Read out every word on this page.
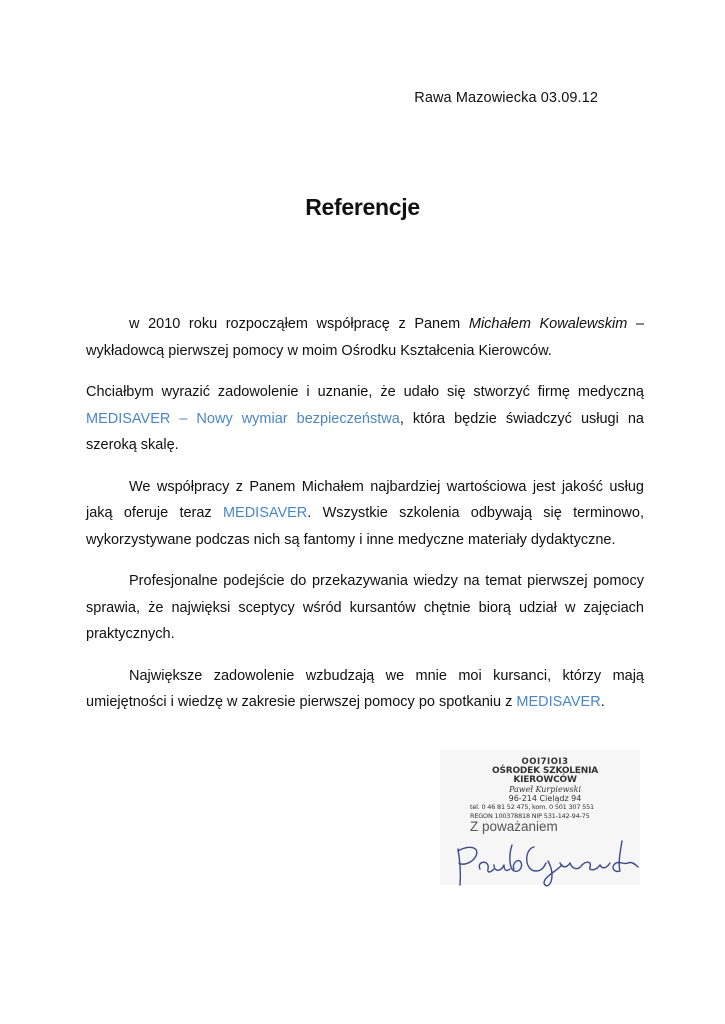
Rawa Mazowiecka 03.09.12
Referencje

w 2010 roku rozpocząłem współpracę z Panem Michałem Kowalewskim – wykładowcą pierwszej pomocy w moim Ośrodku Kształcenia Kierowców.

Chciałbym wyrazić zadowolenie i uznanie, że udało się stworzyć firmę medyczną MEDISAVER – Nowy wymiar bezpieczeństwa, która będzie świadczyć usługi na szeroką skalę.

We współpracy z Panem Michałem najbardziej wartościowa jest jakość usług jaką oferuje teraz MEDISAVER. Wszystkie szkolenia odbywają się terminowo, wykorzystywane podczas nich są fantomy i inne medyczne materiały dydaktyczne.

Profesjonalne podejście do przekazywania wiedzy na temat pierwszej pomocy sprawia, że najwięksi sceptycy wśród kursantów chętnie biorą udział w zajęciach praktycznych.

Największe zadowolenie wzbudzają we mnie moi kursanci, którzy mają umiejętności i wiedzę w zakresie pierwszej pomocy po spotkaniu z MEDISAVER.

OOI7IOI3
OŚRODEK SZKOLENIA KIEROWCÓW
Paweł Kurpiewski
96-214 Cielądz 94
tel. 0 46 81 52 475, kom. 0 501 307 551
REGON 100378818 NIP 531-142-94-75
Z poważaniem
